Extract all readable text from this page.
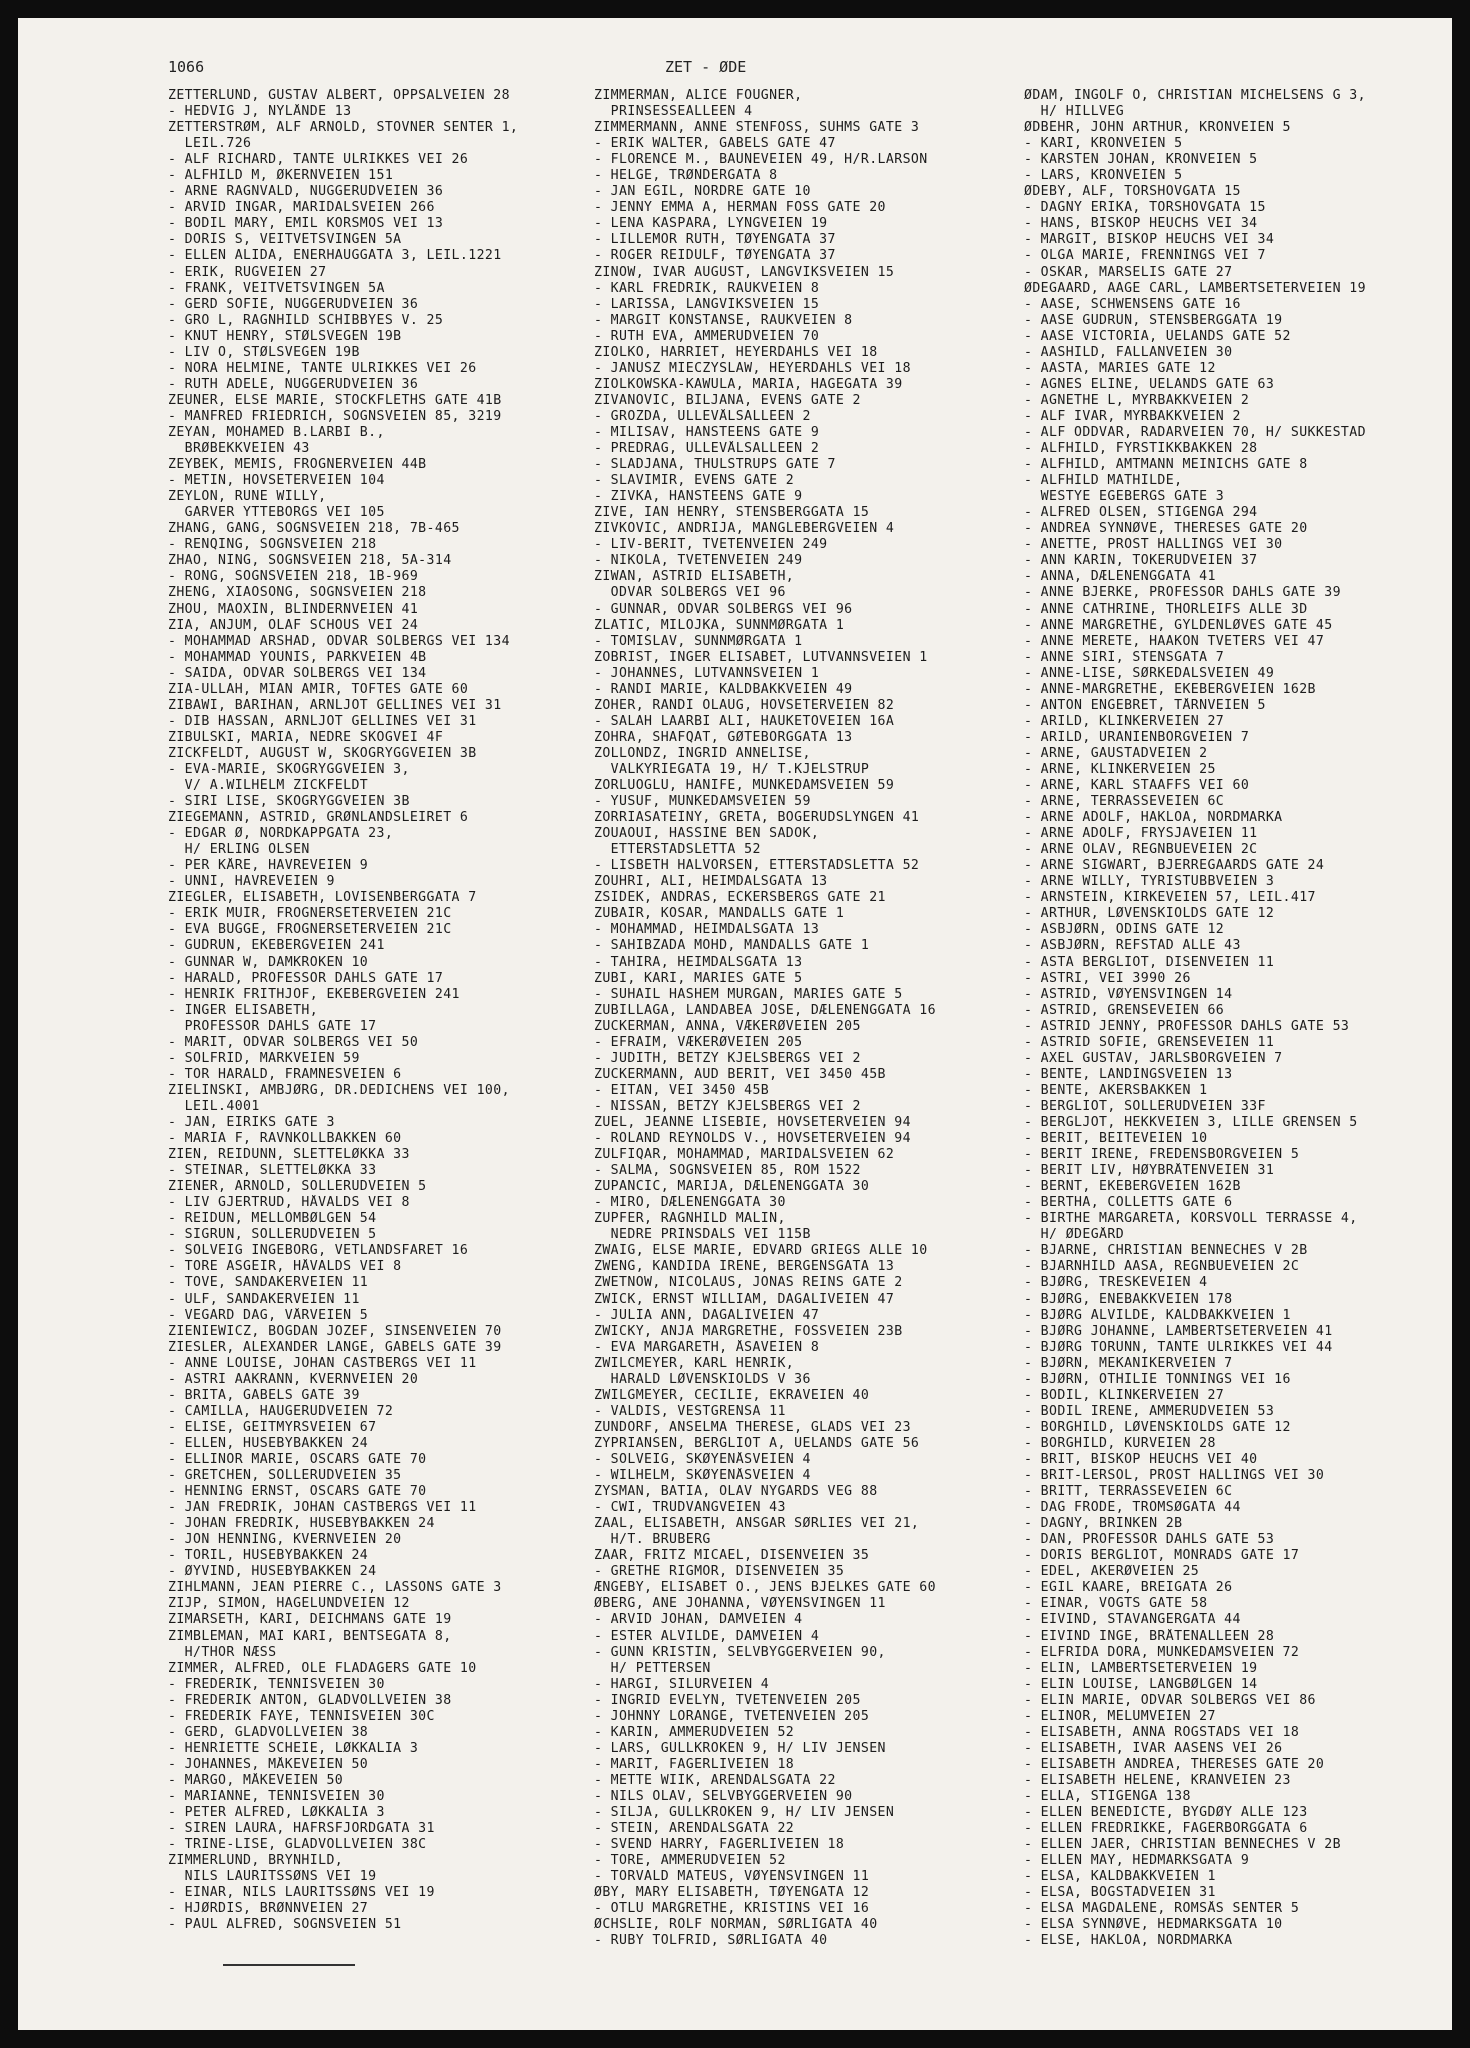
1066	ZET - ØDE
ZETTERLUND, GUSTAV ALBERT, OPPSALVEIEN 28
- HEDVIG J, NYLÅNDE 13
ZETTERSTRØM, ALF ARNOLD, STOVNER SENTER 1,
LEIL.726
- ALF RICHARD, TANTE ULRIKKES VEI 26
- ALFHILD M, ØKERNVEIEN 151
- ARNE RAGNVALD, NUGGERUDVEIEN 36
- ARVID INGAR, MARIDALSVEIEN 266
- BODIL MARY, EMIL KORSMOS VEI 13
- DORIS S, VEITVETSVINGEN 5A
- ELLEN ALIDA, ENERHAUGGATA 3, LEIL.1221
- ERIK, RUGVEIEN 27
- FRANK, VEITVETSVINGEN 5A
- GERD SOFIE, NUGGERUDVEIEN 36
- GRO L, RAGNHILD SCHIBBYES V. 25
- KNUT HENRY, STØLSVEGEN 19B
- LIV O, STØLSVEGEN 19B
- NORA HELMINE, TANTE ULRIKKES VEI 26
- RUTH ADELE, NUGGERUDVEIEN 36
ZEUNER, ELSE MARIE, STOCKFLETHS GATE 41B
- MANFRED FRIEDRICH, SOGNSVEIEN 85, 3219
ZEYAN, MOHAMED B.LARBI B.,
BRØBEKKVEIEN 43
ZEYBEK, MEMIS, FROGNERVEIEN 44B
- METIN, HOVSETERVEIEN 104
ZEYLON, RUNE WILLY,
GARVER YTTEBORGS VEI 105
ZHANG, GANG, SOGNSVEIEN 218, 7B-465
- RENQING, SOGNSVEIEN 218
ZHAO, NING, SOGNSVEIEN 218, 5A-314
- RONG, SOGNSVEIEN 218, 1B-969
ZHENG, XIAOSONG, SOGNSVEIEN 218
ZHOU, MAOXIN, BLINDERNVEIEN 41
ZIA, ANJUM, OLAF SCHOUS VEI 24
- MOHAMMAD ARSHAD, ODVAR SOLBERGS VEI 134
- MOHAMMAD YOUNIS, PARKVEIEN 4B
- SAIDA, ODVAR SOLBERGS VEI 134
ZIA-ULLAH, MIAN AMIR, TOFTES GATE 60
ZIBAWI, BARIHAN, ARNLJOT GELLINES VEI 31
- DIB HASSAN, ARNLJOT GELLINES VEI 31
ZIBULSKI, MARIA, NEDRE SKOGVEI 4F
ZICKFELDT, AUGUST W, SKOGRYGGVEIEN 3B
- EVA-MARIE, SKOGRYGGVEIEN 3,
V/ A.WILHELM ZICKFELDT
- SIRI LISE, SKOGRYGGVEIEN 3B
ZIEGEMANN, ASTRID, GRØNLANDSLEIRET 6
- EDGAR Ø, NORDKAPPGATA 23,
H/ ERLING OLSEN
- PER KÅRE, HAVREVEIEN 9
- UNNI, HAVREVEIEN 9
ZIEGLER, ELISABETH, LOVISENBERGGATA 7
- ERIK MUIR, FROGNERSETERVEIEN 21C
- EVA BUGGE, FROGNERSETERVEIEN 21C
- GUDRUN, EKEBERGVEIEN 241
- GUNNAR W, DAMKROKEN 10
- HARALD, PROFESSOR DAHLS GATE 17
- HENRIK FRITHJOF, EKEBERGVEIEN 241
- INGER ELISABETH,
PROFESSOR DAHLS GATE 17
- MARIT, ODVAR SOLBERGS VEI 50
- SOLFRID, MARKVEIEN 59
- TOR HARALD, FRAMNESVEIEN 6
ZIELINSKI, AMBJØRG, DR.DEDICHENS VEI 100,
LEIL.4001
- JAN, EIRIKS GATE 3
- MARIA F, RAVNKOLLBAKKEN 60
ZIEN, REIDUNN, SLETTELØKKA 33
- STEINAR, SLETTELØKKA 33
ZIENER, ARNOLD, SOLLERUDVEIEN 5
- LIV GJERTRUD, HÅVALDS VEI 8
- REIDUN, MELLOMBØLGEN 54
- SIGRUN, SOLLERUDVEIEN 5
- SOLVEIG INGEBORG, VETLANDSFARET 16
- TORE ASGEIR, HÅVALDS VEI 8
- TOVE, SANDAKERVEIEN 11
- ULF, SANDAKERVEIEN 11
- VEGARD DAG, VÅRVEIEN 5
ZIENIEWICZ, BOGDAN JOZEF, SINSENVEIEN 70
ZIESLER, ALEXANDER LANGE, GABELS GATE 39
- ANNE LOUISE, JOHAN CASTBERGS VEI 11
- ASTRI AAKRANN, KVERNVEIEN 20
- BRITA, GABELS GATE 39
- CAMILLA, HAUGERUDVEIEN 72
- ELISE, GEITMYRSVEIEN 67
- ELLEN, HUSEBYBAKKEN 24
- ELLINOR MARIE, OSCARS GATE 70
- GRETCHEN, SOLLERUDVEIEN 35
- HENNING ERNST, OSCARS GATE 70
- JAN FREDRIK, JOHAN CASTBERGS VEI 11
- JOHAN FREDRIK, HUSEBYBAKKEN 24
- JON HENNING, KVERNVEIEN 20
- TORIL, HUSEBYBAKKEN 24
- ØYVIND, HUSEBYBAKKEN 24
ZIHLMANN, JEAN PIERRE C., LASSONS GATE 3
ZIJP, SIMON, HAGELUNDVEIEN 12
ZIMARSETH, KARI, DEICHMANS GATE 19
ZIMBLEMAN, MAI KARI, BENTSEGATA 8,
H/THOR NÆSS
ZIMMER, ALFRED, OLE FLADAGERS GATE 10
- FREDERIK, TENNISVEIEN 30
- FREDERIK ANTON, GLADVOLLVEIEN 38
- FREDERIK FAYE, TENNISVEIEN 30C
- GERD, GLADVOLLVEIEN 38
- HENRIETTE SCHEIE, LØKKALIA 3
- JOHANNES, MÅKEVEIEN 50
- MARGO, MÅKEVEIEN 50
- MARIANNE, TENNISVEIEN 30
- PETER ALFRED, LØKKALIA 3
- SIREN LAURA, HAFRSFJORDGATA 31
- TRINE-LISE, GLADVOLLVEIEN 38C
ZIMMERLUND, BRYNHILD,
NILS LAURITSSØNS VEI 19
- EINAR, NILS LAURITSSØNS VEI 19
- HJØRDIS, BRØNNVEIEN 27
- PAUL ALFRED, SOGNSVEIEN 51
ZIMMERMAN, ALICE FOUGNER,
PRINSESSEALLEEN 4
ZIMMERMANN, ANNE STENFOSS, SUHMS GATE 3
- ERIK WALTER, GABELS GATE 47
- FLORENCE M., BAUNEVEIEN 49, H/R.LARSON
- HELGE, TRØNDERGATA 8
- JAN EGIL, NORDRE GATE 10
- JENNY EMMA A, HERMAN FOSS GATE 20
- LENA KASPARA, LYNGVEIEN 19
- LILLEMOR RUTH, TØYENGATA 37
- ROGER REIDULF, TØYENGATA 37
ZINOW, IVAR AUGUST, LANGVIKSVEIEN 15
- KARL FREDRIK, RAUKVEIEN 8
- LARISSA, LANGVIKSVEIEN 15
- MARGIT KONSTANSE, RAUKVEIEN 8
- RUTH EVA, AMMERUDVEIEN 70
ZIOLKO, HARRIET, HEYERDAHLS VEI 18
- JANUSZ MIECZYSLAW, HEYERDAHLS VEI 18
ZIOLKOWSKA-KAWULA, MARIA, HAGEGATA 39
ZIVANOVIC, BILJANA, EVENS GATE 2
- GROZDA, ULLEVÅLSALLEEN 2
- MILISAV, HANSTEENS GATE 9
- PREDRAG, ULLEVÅLSALLEEN 2
- SLADJANA, THULSTRUPS GATE 7
- SLAVIMIR, EVENS GATE 2
- ZIVKA, HANSTEENS GATE 9
ZIVE, IAN HENRY, STENSBERGGATA 15
ZIVKOVIC, ANDRIJA, MANGLEBERGVEIEN 4
- LIV-BERIT, TVETENVEIEN 249
- NIKOLA, TVETENVEIEN 249
ZIWAN, ASTRID ELISABETH,
ODVAR SOLBERGS VEI 96
- GUNNAR, ODVAR SOLBERGS VEI 96
ZLATIC, MILOJKA, SUNNMØRGATA 1
- TOMISLAV, SUNNMØRGATA 1
ZOBRIST, INGER ELISABET, LUTVANNSVEIEN 1
- JOHANNES, LUTVANNSVEIEN 1
- RANDI MARIE, KALDBAKKVEIEN 49
ZOHER, RANDI OLAUG, HOVSETERVEIEN 82
- SALAH LAARBI ALI, HAUKETOVEIEN 16A
ZOHRA, SHAFQAT, GØTEBORGGATA 13
ZOLLONDZ, INGRID ANNELISE,
VALKYRIEGATA 19, H/ T.KJELSTRUP
ZORLUOGLU, HANIFE, MUNKEDAMSVEIEN 59
- YUSUF, MUNKEDAMSVEIEN 59
ZORRIASATEINY, GRETA, BOGERUDSLYNGEN 41
ZOUAOUI, HASSINE BEN SADOK,
ETTERSTADSLETTA 52
- LISBETH HALVORSEN, ETTERSTADSLETTA 52
ZOUHRI, ALI, HEIMDALSGATA 13
ZSIDEK, ANDRAS, ECKERSBERGS GATE 21
ZUBAIR, KOSAR, MANDALLS GATE 1
- MOHAMMAD, HEIMDALSGATA 13
- SAHIBZADA MOHD, MANDALLS GATE 1
- TAHIRA, HEIMDALSGATA 13
ZUBI, KARI, MARIES GATE 5
- SUHAIL HASHEM MURGAN, MARIES GATE 5
ZUBILLAGA, LANDABEA JOSE, DÆLENENGGATA 16
ZUCKERMAN, ANNA, VÆKERØVEIEN 205
- EFRAIM, VÆKERØVEIEN 205
- JUDITH, BETZY KJELSBERGS VEI 2
ZUCKERMANN, AUD BERIT, VEI 3450 45B
- EITAN, VEI 3450 45B
- NISSAN, BETZY KJELSBERGS VEI 2
ZUEL, JEANNE LISEBIE, HOVSETERVEIEN 94
- ROLAND REYNOLDS V., HOVSETERVEIEN 94
ZULFIQAR, MOHAMMAD, MARIDALSVEIEN 62
- SALMA, SOGNSVEIEN 85, ROM 1522
ZUPANCIC, MARIJA, DÆLENENGGATA 30
- MIRO, DÆLENENGGATA 30
ZUPFER, RAGNHILD MALIN,
NEDRE PRINSDALS VEI 115B
ZWAIG, ELSE MARIE, EDVARD GRIEGS ALLE 10
ZWENG, KANDIDA IRENE, BERGENSGATA 13
ZWETNOW, NICOLAUS, JONAS REINS GATE 2
ZWICK, ERNST WILLIAM, DAGALIVEIEN 47
- JULIA ANN, DAGALIVEIEN 47
ZWICKY, ANJA MARGRETHE, FOSSVEIEN 23B
- EVA MARGARETH, ÅSAVEIEN 8
ZWILCMEYER, KARL HENRIK,
HARALD LØVENSKIOLDS V 36
ZWILGMEYER, CECILIE, EKRAVEIEN 40
- VALDIS, VESTGRENSA 11
ZÜNDORF, ANSELMA THERESE, GLADS VEI 23
ZYPRIANSEN, BERGLIOT A, UELANDS GATE 56
- SOLVEIG, SKØYENÅSVEIEN 4
- WILHELM, SKØYENÅSVEIEN 4
ZYSMAN, BATIA, OLAV NYGARDS VEG 88
- CWI, TRUDVANGVEIEN 43
ZAAL, ELISABETH, ANSGAR SØRLIES VEI 21,
H/T. BRUBERG
ZAAR, FRITZ MICAEL, DISENVEIEN 35
- GRETHE RIGMOR, DISENVEIEN 35
ÆNGEBY, ELISABET O., JENS BJELKES GATE 60
ØBERG, ANE JOHANNA, VØYENSVINGEN 11
- ARVID JOHAN, DAMVEIEN 4
- ESTER ALVILDE, DAMVEIEN 4
- GUNN KRISTIN, SELVBYGGERVEIEN 90,
H/ PETTERSEN
- HARGI, SILURVEIEN 4
- INGRID EVELYN, TVETENVEIEN 205
- JOHNNY LORANGE, TVETENVEIEN 205
- KARIN, AMMERUDVEIEN 52
- LARS, GULLKROKEN 9, H/ LIV JENSEN
- MARIT, FAGERLIVEIEN 18
- METTE WIIK, ARENDALSGATA 22
- NILS OLAV, SELVBYGGERVEIEN 90
- SILJA, GULLKROKEN 9, H/ LIV JENSEN
- STEIN, ARENDALSGATA 22
- SVEND HARRY, FAGERLIVEIEN 18
- TORE, AMMERUDVEIEN 52
- TORVALD MATEUS, VØYENSVINGEN 11
ØBY, MARY ELISABETH, TØYENGATA 12
- OTLU MARGRETHE, KRISTINS VEI 16
ØCHSLIE, ROLF NORMAN, SØRLIGATA 40
- RUBY TOLFRID, SØRLIGATA 40
ØDAM, INGOLF O, CHRISTIAN MICHELSENS G 3,
H/ HILLVEG
ØDBEHR, JOHN ARTHUR, KRONVEIEN 5
- KARI, KRONVEIEN 5
- KARSTEN JOHAN, KRONVEIEN 5
- LARS, KRONVEIEN 5
ØDEBY, ALF, TORSHOVGATA 15
- DAGNY ERIKA, TORSHOVGATA 15
- HANS, BISKOP HEUCHS VEI 34
- MARGIT, BISKOP HEUCHS VEI 34
- OLGA MARIE, FRENNINGS VEI 7
- OSKAR, MARSELIS GATE 27
ØDEGAARD, AAGE CARL, LAMBERTSETERVEIEN 19
- AASE, SCHWENSENS GATE 16
- AASE GUDRUN, STENSBERGGATA 19
- AASE VICTORIA, UELANDS GATE 52
- AASHILD, FALLANVEIEN 30
- AASTA, MARIES GATE 12
- AGNES ELINE, UELANDS GATE 63
- AGNETHE L, MYRBAKKVEIEN 2
- ALF IVAR, MYRBAKKVEIEN 2
- ALF ODDVAR, RADARVEIEN 70, H/ SUKKESTAD
- ALFHILD, FYRSTIKKBAKKEN 28
- ALFHILD, AMTMANN MEINICHS GATE 8
- ALFHILD MATHILDE,
WESTYE EGEBERGS GATE 3
- ALFRED OLSEN, STIGENGA 294
- ANDREA SYNNØVE, THERESES GATE 20
- ANETTE, PROST HALLINGS VEI 30
- ANN KARIN, TOKERUDVEIEN 37
- ANNA, DÆLENENGGATA 41
- ANNE BJERKE, PROFESSOR DAHLS GATE 39
- ANNE CATHRINE, THORLEIFS ALLE 3D
- ANNE MARGRETHE, GYLDENLØVES GATE 45
- ANNE MERETE, HAAKON TVETERS VEI 47
- ANNE SIRI, STENSGATA 7
- ANNE-LISE, SØRKEDALSVEIEN 49
- ANNE-MARGRETHE, EKEBERGVEIEN 162B
- ANTON ENGEBRET, TÅRNVEIEN 5
- ARILD, KLINKERVEIEN 27
- ARILD, URANIENBORGVEIEN 7
- ARNE, GAUSTADVEIEN 2
- ARNE, KLINKERVEIEN 25
- ARNE, KARL STAAFFS VEI 60
- ARNE, TERRASSEVEIEN 6C
- ARNE ADOLF, HAKLOA, NORDMARKA
- ARNE ADOLF, FRYSJAVEIEN 11
- ARNE OLAV, REGNBUEVEIEN 2C
- ARNE SIGWART, BJERREGAARDS GATE 24
- ARNE WILLY, TYRISTUBBVEIEN 3
- ARNSTEIN, KIRKEVEIEN 57, LEIL.417
- ARTHUR, LØVENSKIOLDS GATE 12
- ASBJØRN, ODINS GATE 12
- ASBJØRN, REFSTAD ALLE 43
- ASTA BERGLIOT, DISENVEIEN 11
- ASTRI, VEI 3990 26
- ASTRID, VØYENSVINGEN 14
- ASTRID, GRENSEVEIEN 66
- ASTRID JENNY, PROFESSOR DAHLS GATE 53
- ASTRID SOFIE, GRENSEVEIEN 11
- AXEL GUSTAV, JARLSBORGVEIEN 7
- BENTE, LANDINGSVEIEN 13
- BENTE, AKERSBAKKEN 1
- BERGLIOT, SOLLERUDVEIEN 33F
- BERGLJOT, HEKKVEIEN 3, LILLE GRENSEN 5
- BERIT, BEITEVEIEN 10
- BERIT IRENE, FREDENSBORGVEIEN 5
- BERIT LIV, HØYBRÅTENVEIEN 31
- BERNT, EKEBERGVEIEN 162B
- BERTHA, COLLETTS GATE 6
- BIRTHE MARGARETA, KORSVOLL TERRASSE 4,
H/ ØDEGÅRD
- BJARNE, CHRISTIAN BENNECHES V 2B
- BJARNHILD AASA, REGNBUEVEIEN 2C
- BJØRG, TRESKEVEIEN 4
- BJØRG, ENEBAKKVEIEN 178
- BJØRG ALVILDE, KALDBAKKVEIEN 1
- BJØRG JOHANNE, LAMBERTSETERVEIEN 41
- BJØRG TORUNN, TANTE ULRIKKES VEI 44
- BJØRN, MEKANIKERVEIEN 7
- BJØRN, OTHILIE TONNINGS VEI 16
- BODIL, KLINKERVEIEN 27
- BODIL IRENE, AMMERUDVEIEN 53
- BORGHILD, LØVENSKIOLDS GATE 12
- BORGHILD, KURVEIEN 28
- BRIT, BISKOP HEUCHS VEI 40
- BRIT-LERSOL, PROST HALLINGS VEI 30
- BRITT, TERRASSEVEIEN 6C
- DAG FRODE, TROMSØGATA 44
- DAGNY, BRINKEN 2B
- DAN, PROFESSOR DAHLS GATE 53
- DORIS BERGLIOT, MONRADS GATE 17
- EDEL, AKERØVEIEN 25
- EGIL KAARE, BREIGATA 26
- EINAR, VOGTS GATE 58
- EIVIND, STAVANGERGATA 44
- EIVIND INGE, BRÅTENALLEEN 28
- ELFRIDA DORA, MUNKEDAMSVEIEN 72
- ELIN, LAMBERTSETERVEIEN 19
- ELIN LOUISE, LANGBØLGEN 14
- ELIN MARIE, ODVAR SOLBERGS VEI 86
- ELINOR, MELUMVEIEN 27
- ELISABETH, ANNA ROGSTADS VEI 18
- ELISABETH, IVAR AASENS VEI 26
- ELISABETH ANDREA, THERESES GATE 20
- ELISABETH HELENE, KRANVEIEN 23
- ELLA, STIGENGA 138
- ELLEN BENEDICTE, BYGDØY ALLE 123
- ELLEN FREDRIKKE, FAGERBORGGATA 6
- ELLEN JAER, CHRISTIAN BENNECHES V 2B
- ELLEN MAY, HEDMARKSGATA 9
- ELSA, KALDBAKKVEIEN 1
- ELSA, BOGSTADVEIEN 31
- ELSA MAGDALENE, ROMSÅS SENTER 5
- ELSA SYNNØVE, HEDMARKSGATA 10
- ELSE, HAKLOA, NORDMARKA
